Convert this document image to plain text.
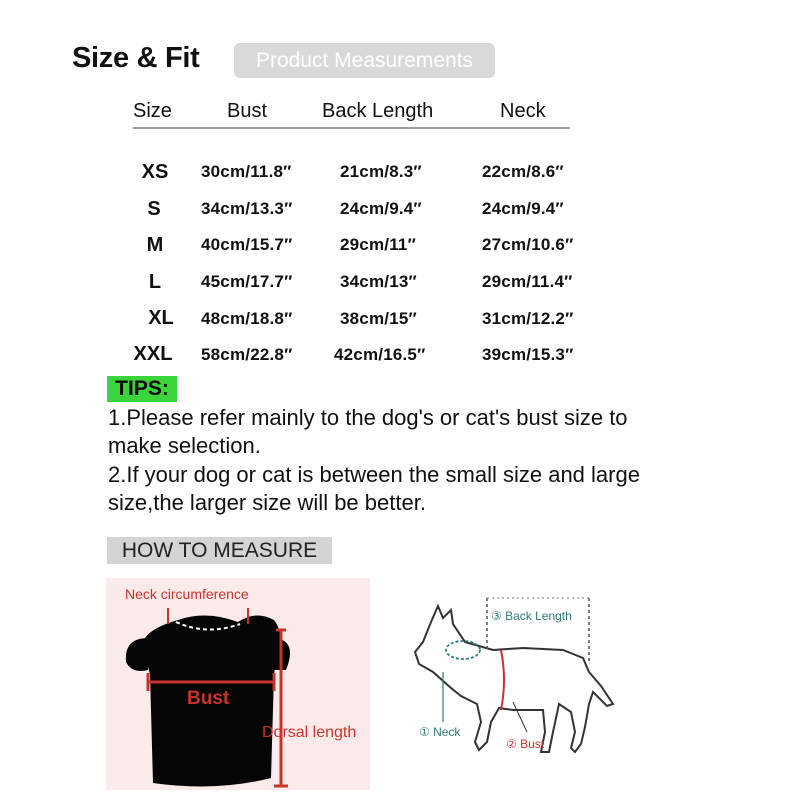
Size & Fit	Product Measurements
Size	Bust	Back Length	Neck
XS	30cm/11.8″	21cm/8.3″	22cm/8.6″
S	34cm/13.3″	24cm/9.4″	24cm/9.4″
M	40cm/15.7″	29cm/11″	27cm/10.6″
L	45cm/17.7″	34cm/13″	29cm/11.4″
XL	48cm/18.8″	38cm/15″	31cm/12.2″
XXL	58cm/22.8″ 42cm/16.5″	39cm/15.3″
TIPS:
1.Please refer mainly to the dog's or cat's bust size to
make selection.
2.If your dog or cat is between the small size and large
size,the larger size will be better.
HOW TO MEASURE
Neck circumference
Bust
Dorsal length
③ Back Length
① Neck
② Bust
